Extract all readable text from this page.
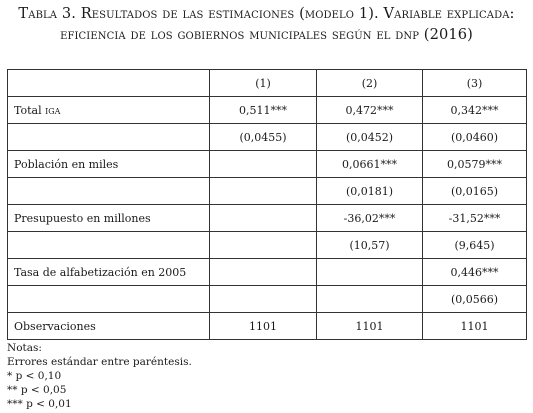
Tabla 3. Resultados de las estimaciones (modelo 1). Variable explicada:
eficiencia de los gobiernos municipales según el dnp (2016)
	(1)	(2)	(3)
Total iga	0,511***	0,472***	0,342***
	(0,0455)	(0,0452)	(0,0460)
Población en miles		0,0661***	0,0579***
		(0,0181)	(0,0165)
Presupuesto en millones		-36,02***	-31,52***
		(10,57)	(9,645)
Tasa de alfabetización en 2005			0,446***
			(0,0566)
Observaciones	1101	1101	1101
Notas:
Errores estándar entre paréntesis.
* p < 0,10
** p < 0,05
*** p < 0,01
